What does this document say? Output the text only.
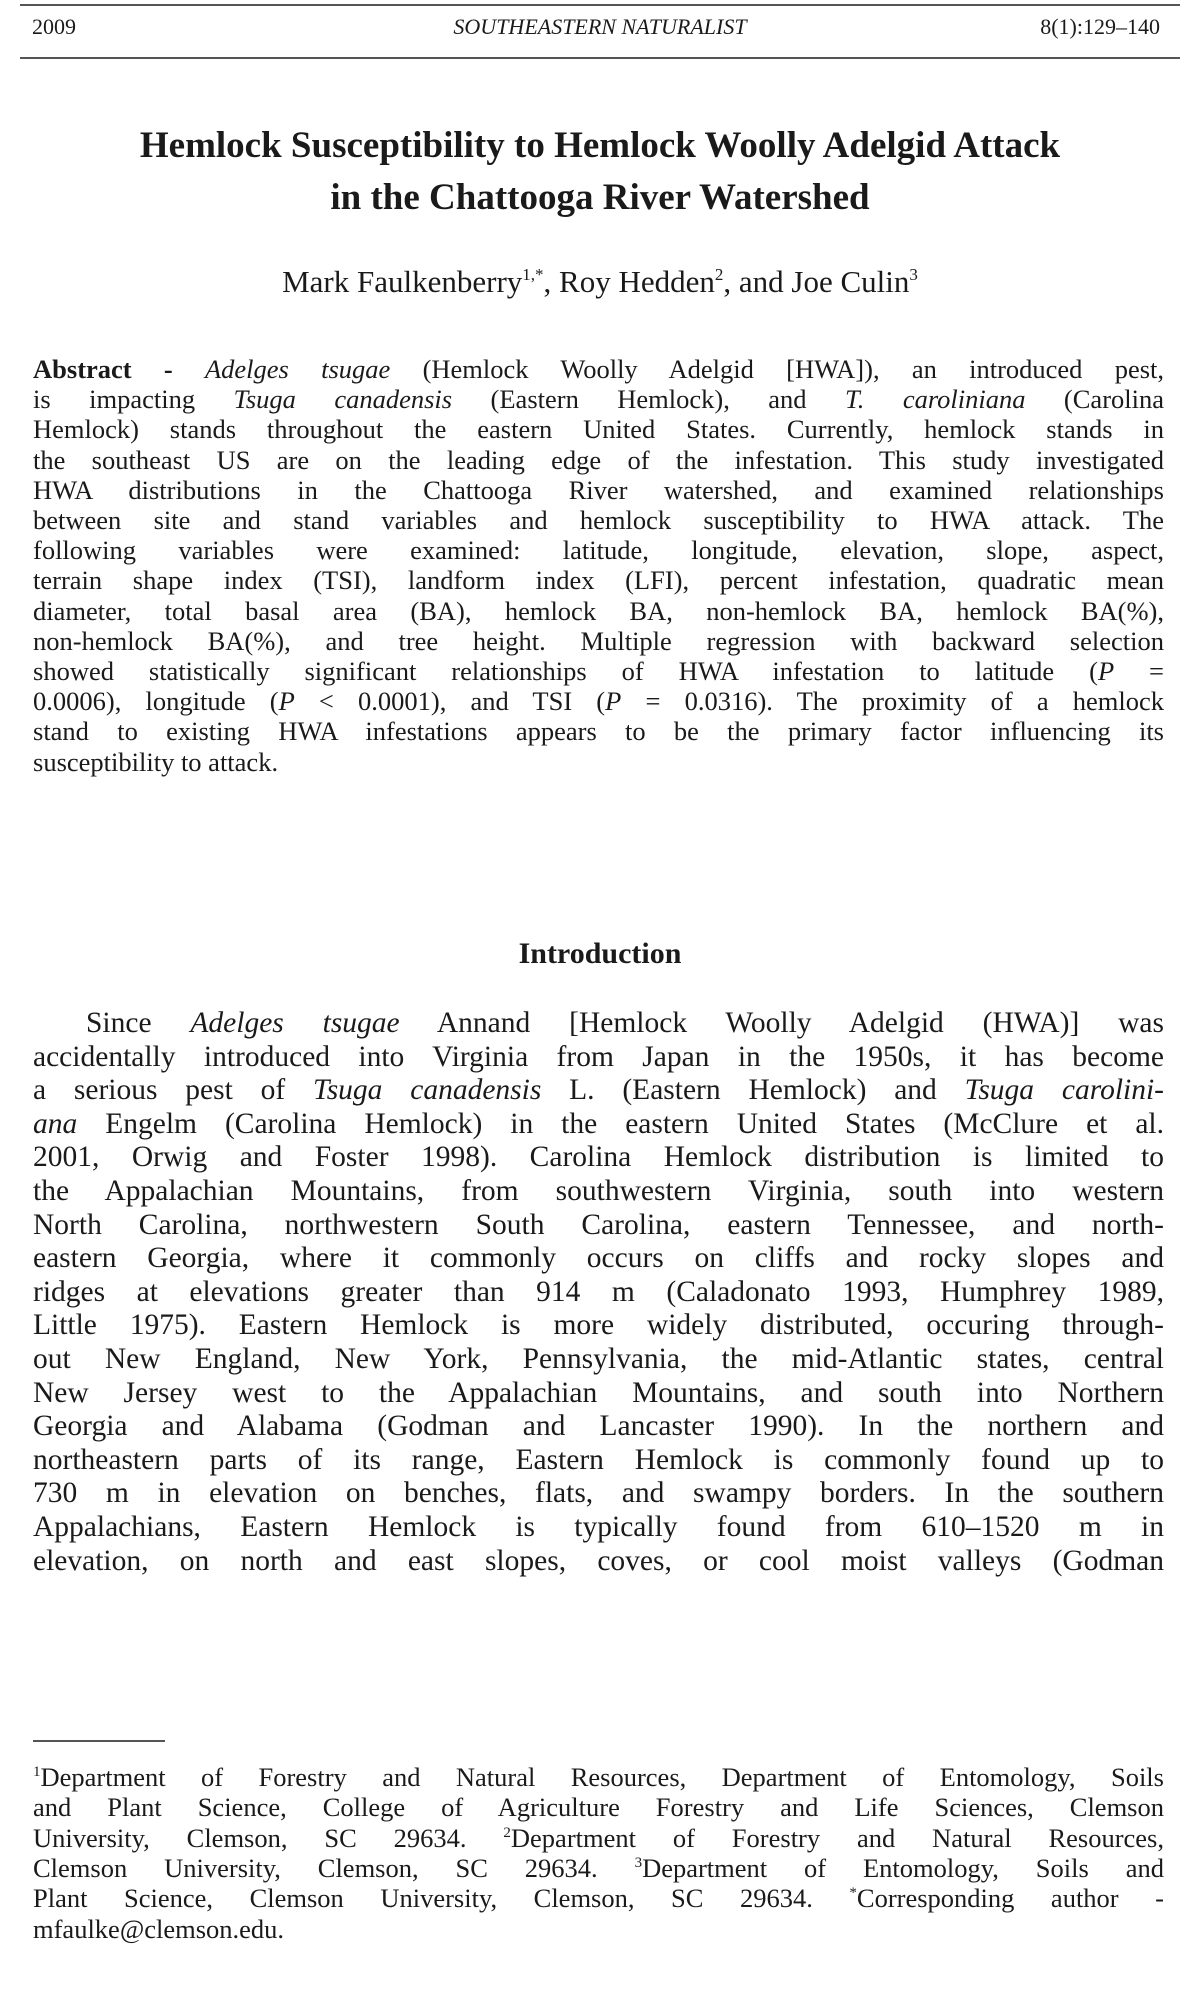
SOUTHEASTERN NATURALIST
2009	8(1):129–140
Hemlock Susceptibility to Hemlock Woolly Adelgid Attack
in the Chattooga River Watershed
Mark Faulkenberry$^{1,*}$, Roy Hedden$^2$, and Joe Culin$^3$
Abstract - Adelges tsugae (Hemlock Woolly Adelgid [HWA]), an introduced pest,
is impacting Tsuga canadensis (Eastern Hemlock), and T. caroliniana (Carolina
Hemlock) stands throughout the eastern United States. Currently, hemlock stands in
the southeast US are on the leading edge of the infestation. This study investigated
HWA distributions in the Chattooga River watershed, and examined relationships
between site and stand variables and hemlock susceptibility to HWA attack. The
following variables were examined: latitude, longitude, elevation, slope, aspect,
terrain shape index (TSI), landform index (LFI), percent infestation, quadratic mean
diameter, total basal area (BA), hemlock BA, non-hemlock BA, hemlock BA(%),
non-hemlock BA(%), and tree height. Multiple regression with backward selection
showed statistically significant relationships of HWA infestation to latitude (P =
0.0006), longitude (P < 0.0001), and TSI (P = 0.0316). The proximity of a hemlock
stand to existing HWA infestations appears to be the primary factor influencing its
susceptibility to attack.
Introduction
Since Adelges tsugae Annand [Hemlock Woolly Adelgid (HWA)] was
accidentally introduced into Virginia from Japan in the 1950s, it has become
a serious pest of Tsuga canadensis L. (Eastern Hemlock) and Tsuga carolini-
ana Engelm (Carolina Hemlock) in the eastern United States (McClure et al.
2001, Orwig and Foster 1998). Carolina Hemlock distribution is limited to
the Appalachian Mountains, from southwestern Virginia, south into western
North Carolina, northwestern South Carolina, eastern Tennessee, and north-
eastern Georgia, where it commonly occurs on cliffs and rocky slopes and
ridges at elevations greater than 914 m (Caladonato 1993, Humphrey 1989,
Little 1975). Eastern Hemlock is more widely distributed, occuring through-
out New England, New York, Pennsylvania, the mid-Atlantic states, central
New Jersey west to the Appalachian Mountains, and south into Northern
Georgia and Alabama (Godman and Lancaster 1990). In the northern and
northeastern parts of its range, Eastern Hemlock is commonly found up to
730 m in elevation on benches, flats, and swampy borders. In the southern
Appalachians, Eastern Hemlock is typically found from 610–1520 m in
elevation, on north and east slopes, coves, or cool moist valleys (Godman
$^1$Department of Forestry and Natural Resources, Department of Entomology, Soils
and Plant Science, College of Agriculture Forestry and Life Sciences, Clemson
University, Clemson, SC 29634. $^2$Department of Forestry and Natural Resources,
Clemson University, Clemson, SC 29634. $^3$Department of Entomology, Soils and
Plant Science, Clemson University, Clemson, SC 29634. *Corresponding author -
mfaulke@clemson.edu.
